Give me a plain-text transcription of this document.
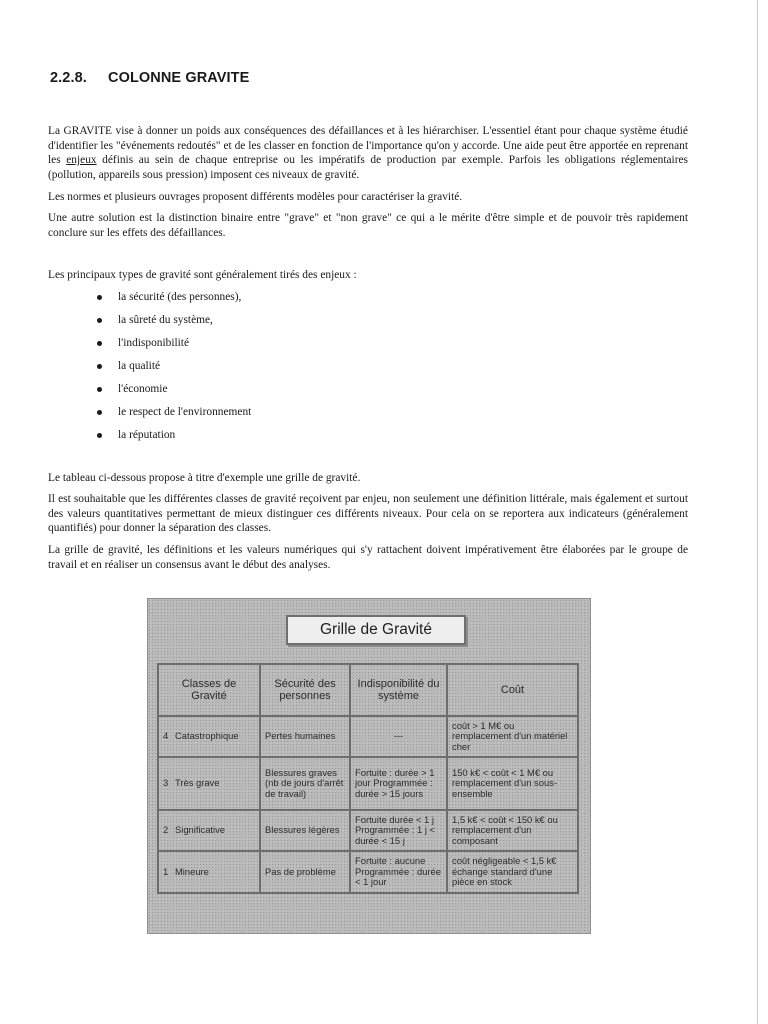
2.2.8. COLONNE GRAVITE

La GRAVITE vise à donner un poids aux conséquences des défaillances et à les hiérarchiser. L'essentiel étant pour chaque système étudié d'identifier les "événements redoutés" et de les classer en fonction de l'importance qu'on y accorde. Une aide peut être apportée en reprenant les enjeux définis au sein de chaque entreprise ou les impératifs de production par exemple. Parfois les obligations réglementaires (pollution, appareils sous pression) imposent ces niveaux de gravité.

Les normes et plusieurs ouvrages proposent différents modèles pour caractériser la gravité.
Une autre solution est la distinction binaire entre "grave" et "non grave" ce qui a le mérite d'être simple et de pouvoir très rapidement conclure sur les effets des défaillances.
Les principaux types de gravité sont généralement tirés des enjeux :
la sécurité (des personnes),
la sûreté du système,
l'indisponibilité
la qualité
l'économie
le respect de l'environnement
la réputation
Le tableau ci-dessous propose à titre d'exemple une grille de gravité.
Il est souhaitable que les différentes classes de gravité reçoivent par enjeu, non seulement une définition littérale, mais également et surtout des valeurs quantitatives permettant de mieux distinguer ces différents niveaux. Pour cela on se reportera aux indicateurs (généralement quantifiés) pour donner la séparation des classes.
La grille de gravité, les définitions et les valeurs numériques qui s'y rattachent doivent impérativement être élaborées par le groupe de travail et en réaliser un consensus avant le début des analyses.
Grille de Gravité
Classes de Gravité	Sécurité des personnes	Indisponibilité du système	Coût
4 Catastrophique	Pertes humaines	---	coût > 1 M€ ou remplacement d'un matériel cher
3 Très grave	Blessures graves (nb de jours d'arrêt de travail)	Fortuite : durée > 1 jour Programmée : durée > 15 jours	150 k€ < coût < 1 M€ ou remplacement d'un sous-ensemble
2 Significative	Blessures légères	Fortuite durée < 1 j Programmée : 1 j < durée < 15 j	1,5 k€ < coût < 150 k€ ou remplacement d'un composant
1 Mineure	Pas de problème	Fortuite : aucune Programmée : durée < 1 jour	coût négligeable < 1,5 k€ échange standard d'une pièce en stock
